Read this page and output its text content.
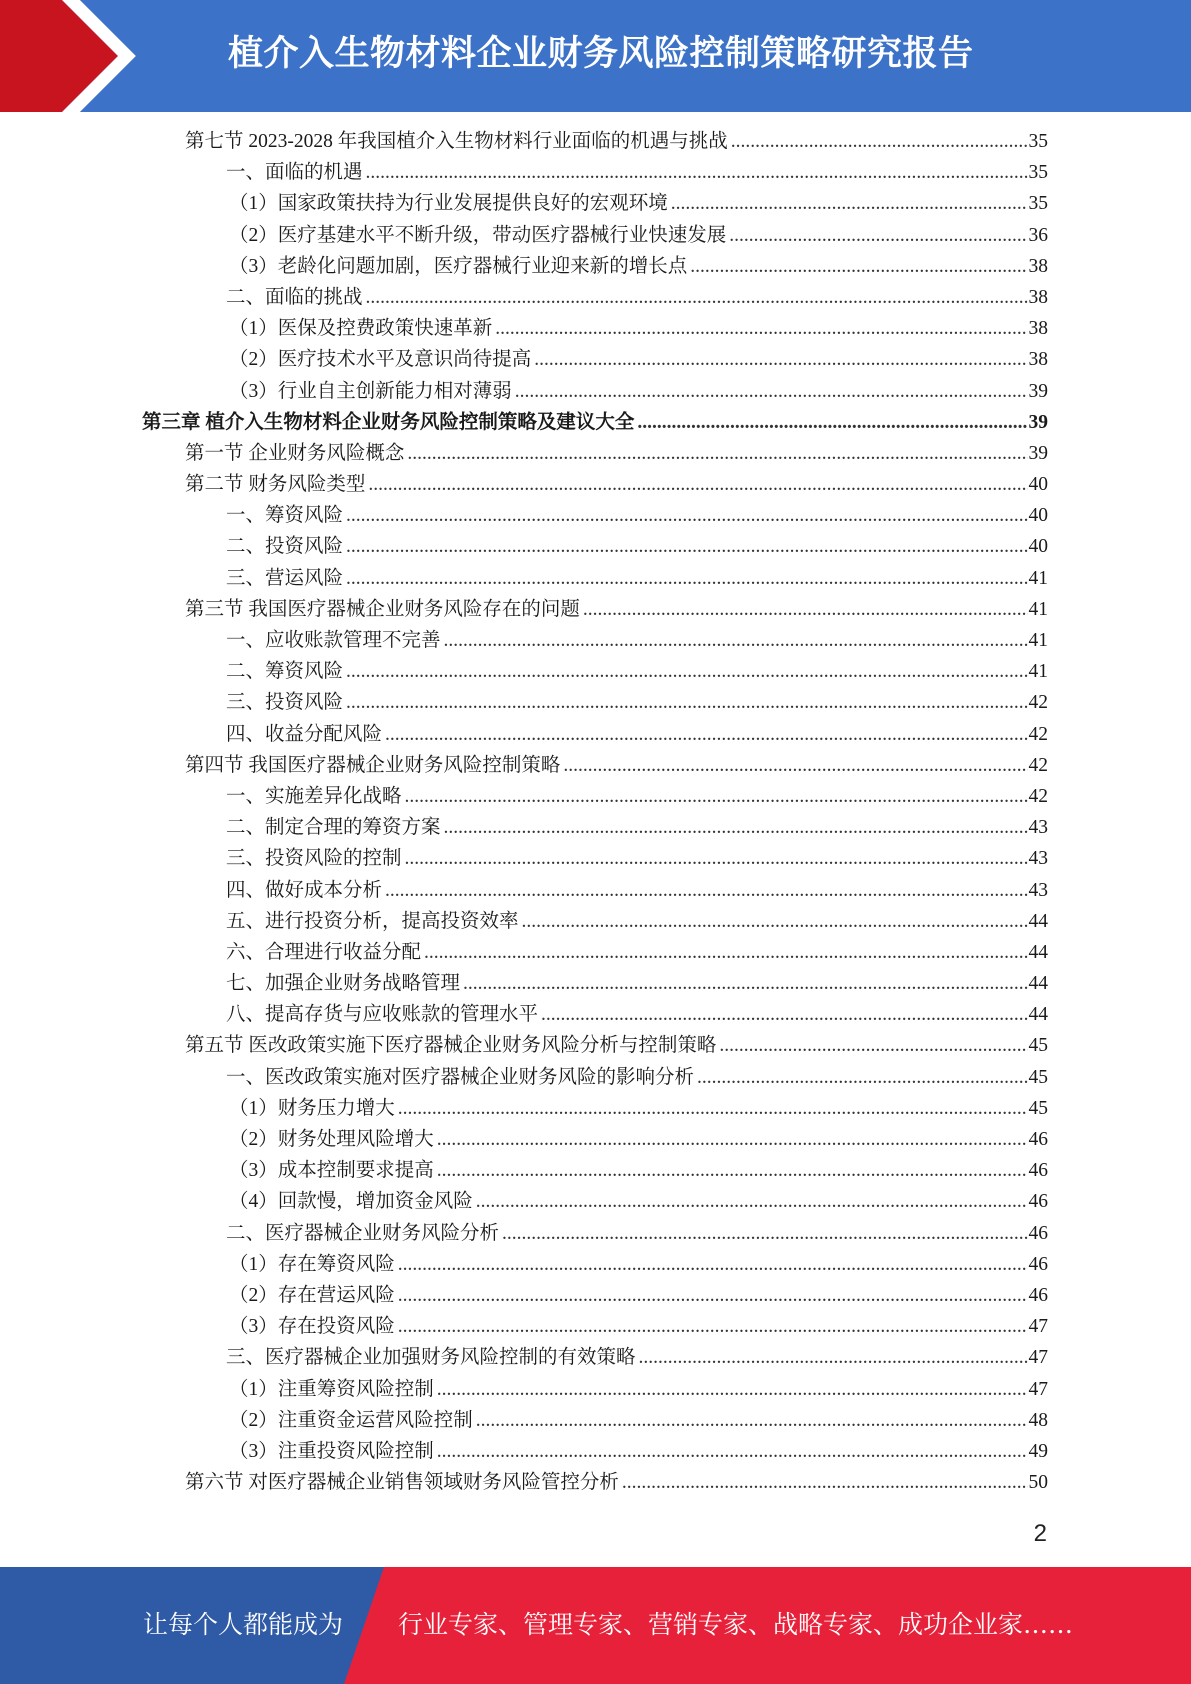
植介入生物材料企业财务风险控制策略研究报告
第七节 2023-2028 年我国植介入生物材料行业面临的机遇与挑战 .....	35
一、面临的机遇 .....	35
（1）国家政策扶持为行业发展提供良好的宏观环境 .....	35
（2）医疗基建水平不断升级，带动医疗器械行业快速发展 .....	36
（3）老龄化问题加剧，医疗器械行业迎来新的增长点 .....	38
二、面临的挑战 .....	38
（1）医保及控费政策快速革新 .....	38
（2）医疗技术水平及意识尚待提高 .....	38
（3）行业自主创新能力相对薄弱 .....	39
第三章 植介入生物材料企业财务风险控制策略及建议大全 .....	39
第一节 企业财务风险概念 .....	39
第二节 财务风险类型 .....	40
一、筹资风险 .....	40
二、投资风险 .....	40
三、营运风险 .....	41
第三节 我国医疗器械企业财务风险存在的问题 .....	41
一、应收账款管理不完善 .....	41
二、筹资风险 .....	41
三、投资风险 .....	42
四、收益分配风险 .....	42
第四节 我国医疗器械企业财务风险控制策略 .....	42
一、实施差异化战略 .....	42
二、制定合理的筹资方案 .....	43
三、投资风险的控制 .....	43
四、做好成本分析 .....	43
五、进行投资分析，提高投资效率 .....	44
六、合理进行收益分配 .....	44
七、加强企业财务战略管理 .....	44
八、提高存货与应收账款的管理水平 .....	44
第五节 医改政策实施下医疗器械企业财务风险分析与控制策略 .....	45
一、医改政策实施对医疗器械企业财务风险的影响分析 .....	45
（1）财务压力增大 .....	45
（2）财务处理风险增大 .....	46
（3）成本控制要求提高 .....	46
（4）回款慢，增加资金风险 .....	46
二、医疗器械企业财务风险分析 .....	46
（1）存在筹资风险 .....	46
（2）存在营运风险 .....	46
（3）存在投资风险 .....	47
三、医疗器械企业加强财务风险控制的有效策略 .....	47
（1）注重筹资风险控制 .....	47
（2）注重资金运营风险控制 .....	48
（3）注重投资风险控制 .....	49
第六节 对医疗器械企业销售领域财务风险管控分析 .....	50
2
让每个人都能成为 行业专家、管理专家、营销专家、战略专家、成功企业家……
